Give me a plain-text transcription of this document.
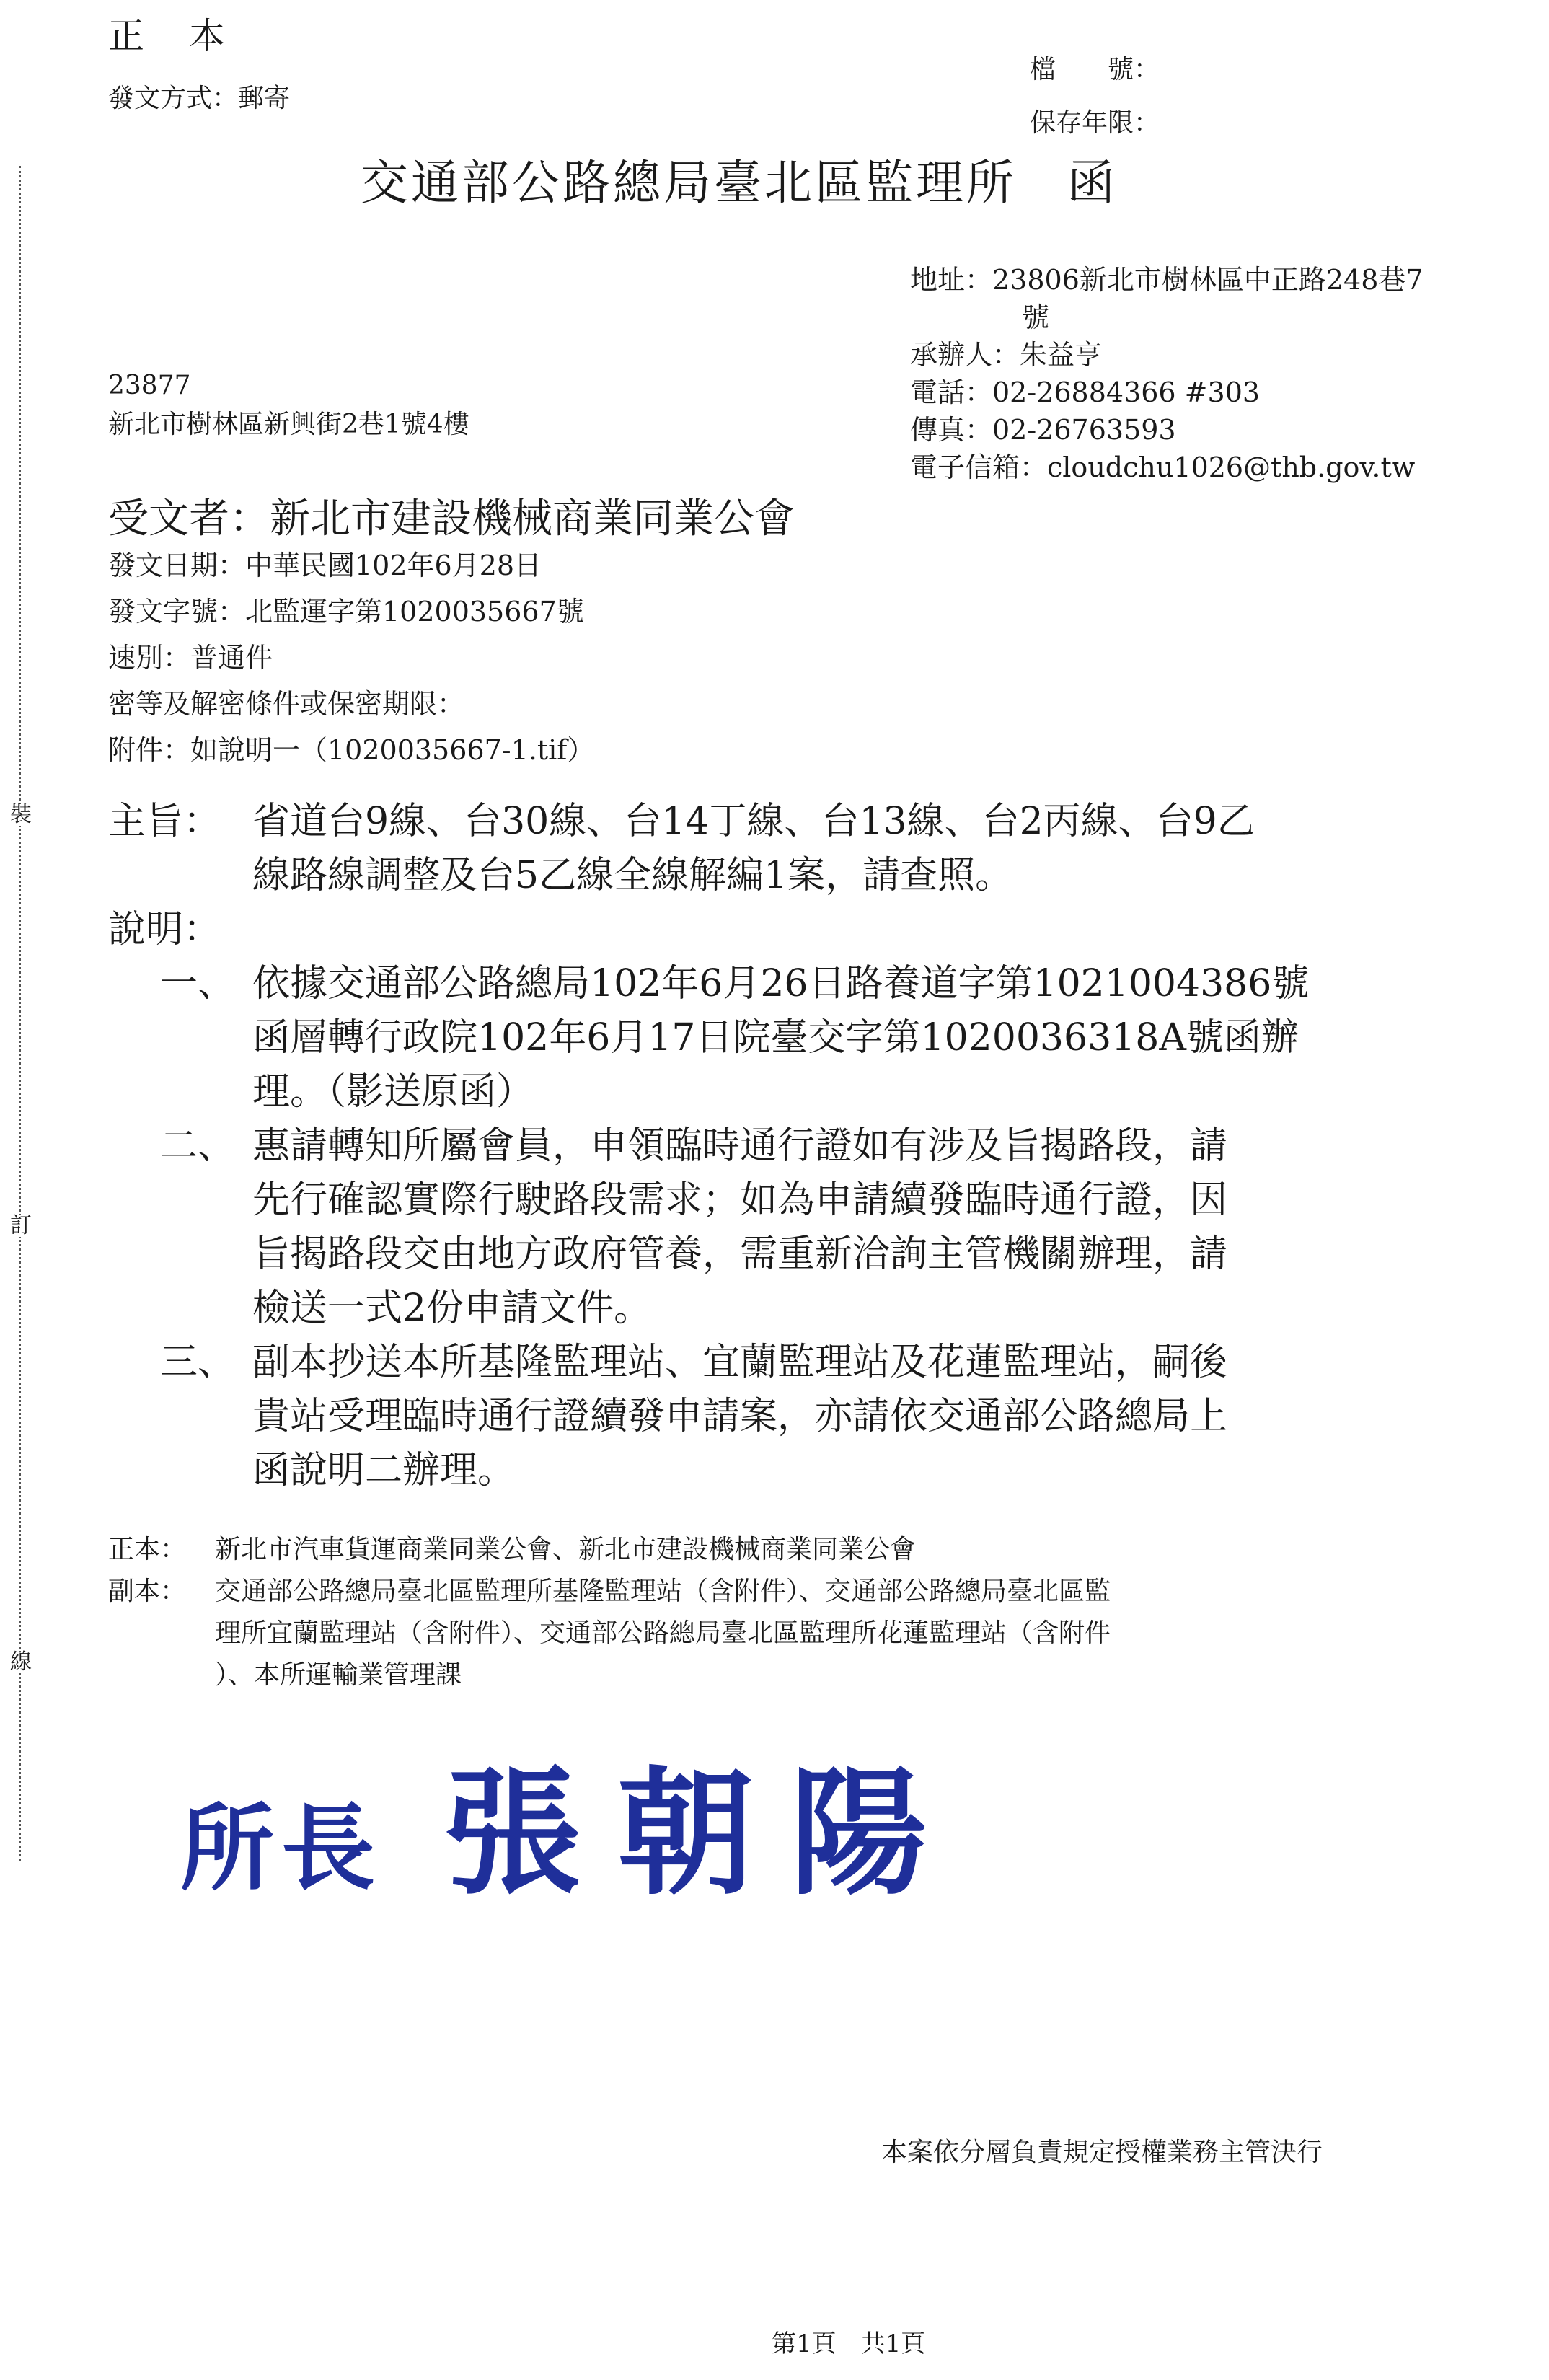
裝
訂
線
正　本
發文方式：郵寄
檔　　號：
保存年限：
交通部公路總局臺北區監理所　函
地址：23806新北市樹林區中正路248巷7
號
承辦人：朱益亨
電話：02-26884366 #303
傳真：02-26763593
電子信箱：cloudchu1026@thb.gov.tw
23877
新北市樹林區新興街2巷1號4樓
受文者：新北市建設機械商業同業公會
發文日期：中華民國102年6月28日
發文字號：北監運字第1020035667號
速別：普通件
密等及解密條件或保密期限：
附件：如說明一（1020035667-1.tif）
主旨： 省道台9線、台30線、台14丁線、台13線、台2丙線、台9乙
線路線調整及台5乙線全線解編1案，請查照。
說明：
一、 依據交通部公路總局102年6月26日路養道字第1021004386號
函層轉行政院102年6月17日院臺交字第1020036318A號函辦
理。（影送原函）
二、 惠請轉知所屬會員，申領臨時通行證如有涉及旨揭路段，請
先行確認實際行駛路段需求；如為申請續發臨時通行證，因
旨揭路段交由地方政府管養，需重新洽詢主管機關辦理，請
檢送一式2份申請文件。
三、 副本抄送本所基隆監理站、宜蘭監理站及花蓮監理站，嗣後
貴站受理臨時通行證續發申請案，亦請依交通部公路總局上
函說明二辦理。
正本： 新北市汽車貨運商業同業公會、新北市建設機械商業同業公會
副本： 交通部公路總局臺北區監理所基隆監理站（含附件）、交通部公路總局臺北區監
理所宜蘭監理站（含附件）、交通部公路總局臺北區監理所花蓮監理站（含附件
）、本所運輸業管理課
所長 張朝陽
本案依分層負責規定授權業務主管決行
第1頁　共1頁
